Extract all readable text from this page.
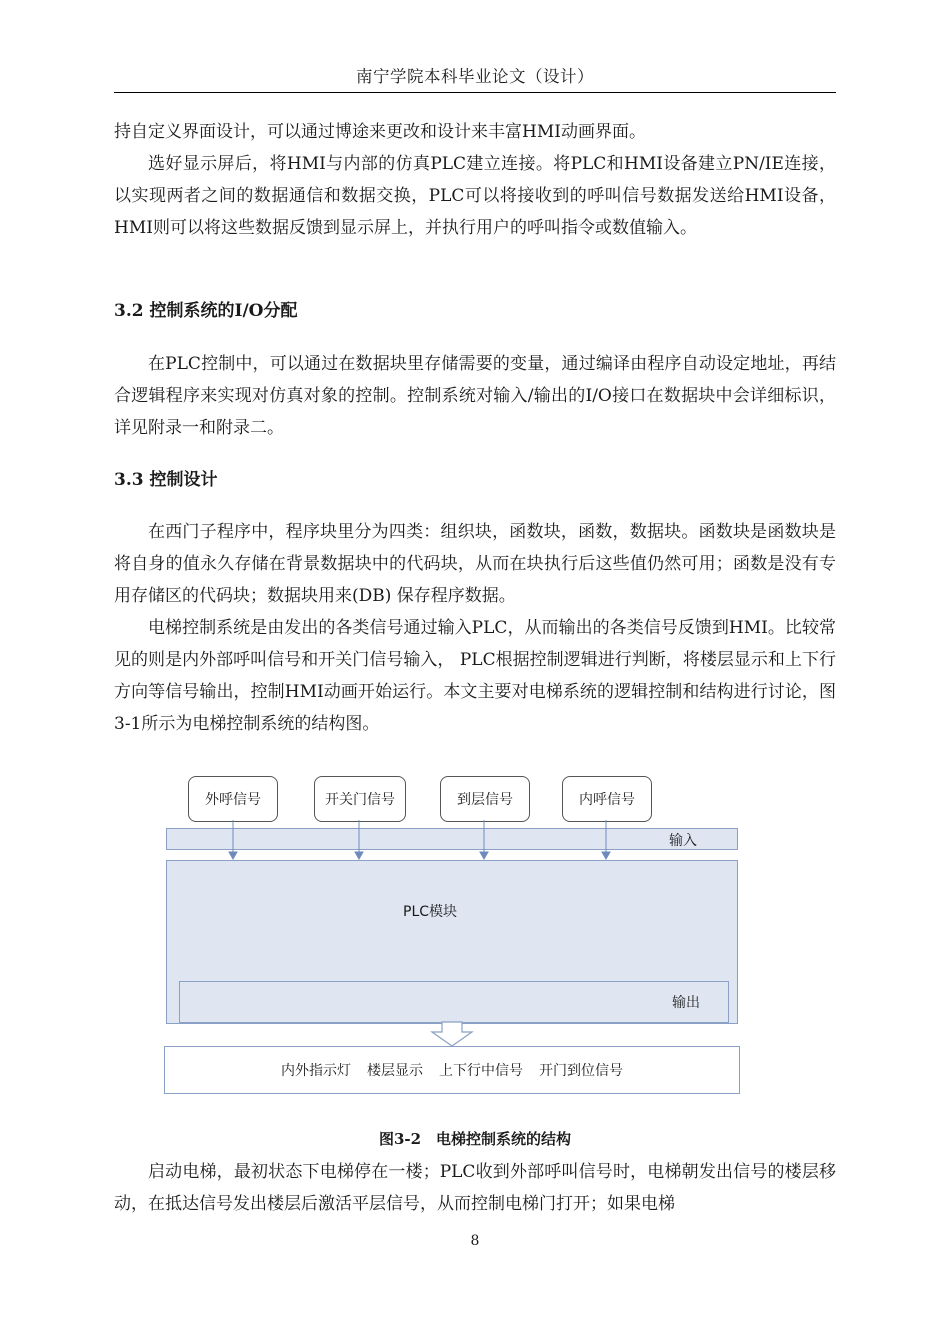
南宁学院本科毕业论文（设计）

持自定义界面设计，可以通过博途来更改和设计来丰富HMI动画界面。

选好显示屏后，将HMI与内部的仿真PLC建立连接。将PLC和HMI设备建立PN/IE连接，以实现两者之间的数据通信和数据交换，PLC可以将接收到的呼叫信号数据发送给HMI设备，HMI则可以将这些数据反馈到显示屏上，并执行用户的呼叫指令或数值输入。

3.2 控制系统的I/O分配

在PLC控制中，可以通过在数据块里存储需要的变量，通过编译由程序自动设定地址，再结合逻辑程序来实现对仿真对象的控制。控制系统对输入/输出的I/O接口在数据块中会详细标识，详见附录一和附录二。

3.3 控制设计

在西门子程序中，程序块里分为四类：组织块，函数块，函数，数据块。函数块是函数块是将自身的值永久存储在背景数据块中的代码块，从而在块执行后这些值仍然可用；函数是没有专用存储区的代码块；数据块用来(DB) 保存程序数据。

电梯控制系统是由发出的各类信号通过输入PLC，从而输出的各类信号反馈到HMI。比较常见的则是内外部呼叫信号和开关门信号输入， PLC根据控制逻辑进行判断，将楼层显示和上下行方向等信号输出，控制HMI动画开始运行。本文主要对电梯系统的逻辑控制和结构进行讨论，图3-1所示为电梯控制系统的结构图。

外呼信号	开关门信号	到层信号	内呼信号
输入
PLC模块
输出
内外指示灯 楼层显示 上下行中信号 开门到位信号
图3-2　电梯控制系统的结构

启动电梯，最初状态下电梯停在一楼；PLC收到外部呼叫信号时，电梯朝发出信号的楼层移动，在抵达信号发出楼层后激活平层信号，从而控制电梯门打开；如果电梯

8
